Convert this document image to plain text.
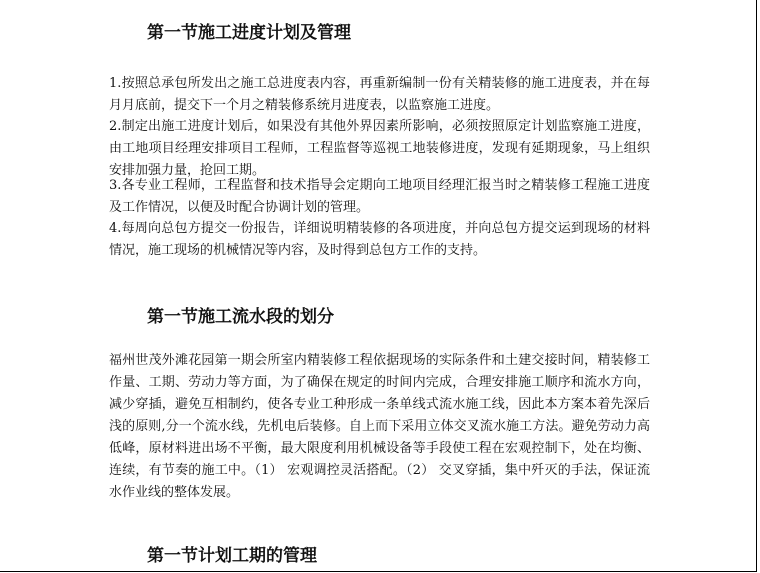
第一节施工进度计划及管理

1.按照总承包所发出之施工总进度表内容，再重新编制一份有关精装修的施工进度表，并在每月月底前，提交下一个月之精装修系统月进度表，以监察施工进度。

2.制定出施工进度计划后，如果没有其他外界因素所影响，必须按照原定计划监察施工进度，由工地项目经理安排项目工程师，工程监督等巡视工地装修进度，发现有延期现象，马上组织安排加强力量，抢回工期。

3.各专业工程师，工程监督和技术指导会定期向工地项目经理汇报当时之精装修工程施工进度及工作情况，以便及时配合协调计划的管理。

4.每周向总包方提交一份报告，详细说明精装修的各项进度，并向总包方提交运到现场的材料情况，施工现场的机械情况等内容，及时得到总包方工作的支持。

第一节施工流水段的划分

福州世茂外滩花园第一期会所室内精装修工程依据现场的实际条件和土建交接时间，精装修工作量、工期、劳动力等方面，为了确保在规定的时间内完成，合理安排施工顺序和流水方向，减少穿插，避免互相制约，使各专业工种形成一条单线式流水施工线，因此本方案本着先深后浅的原则,分一个流水线，先机电后装修。自上而下采用立体交叉流水施工方法。避免劳动力高低峰，原材料进出场不平衡，最大限度利用机械设备等手段使工程在宏观控制下，处在均衡、连续，有节奏的施工中。（1） 宏观调控灵活搭配。（2） 交叉穿插，集中歼灭的手法，保证流水作业线的整体发展。

第一节计划工期的管理
